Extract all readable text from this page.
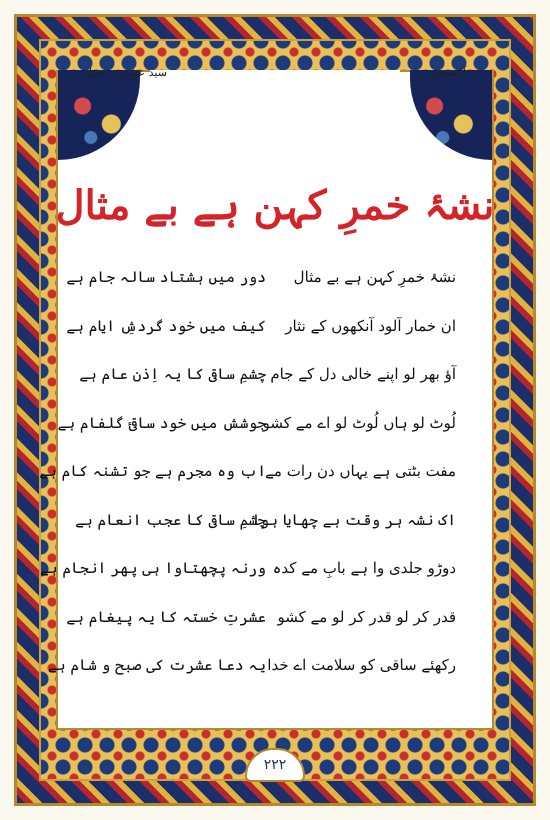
آکسیجن
سید عشرت جمیل
نشۂ خمرِ کہن ہے بے مثال
نشۂ خمرِ کہن ہے بے مثال
دور میں ہشتاد سالہ جام ہے
ان خمار آلود آنکھوں کے نثار
کیف میں خود گردشِ ایام ہے
آؤ بھر لو اپنے خالی دل کے جام
چشمِ ساقی کا یہ اِذنِ عام ہے
لُوٹ لو ہاں لُوٹ لو اے مے کشو
جوشش میں خود ساقئ گلفام ہے
مفت بٹتی ہے یہاں دن رات مے
اب وہ مجرم ہے جو تشنہ کام ہے
اک نشہ ہر وقت ہے چھایا ہوا
چشمِ ساقی کا عجب انعام ہے
دوڑو جلدی وا ہے بابِ مے کدہ
ورنہ پچھتاوا ہی پھر انجام ہے
قدر کر لو قدر کر لو مے کشو
عشرتِ خستہ کا یہ پیغام ہے
رکھئے ساقی کو سلامت اے خدا
یہ دعا عشرت کی صبح و شام ہے
۲۲۲
